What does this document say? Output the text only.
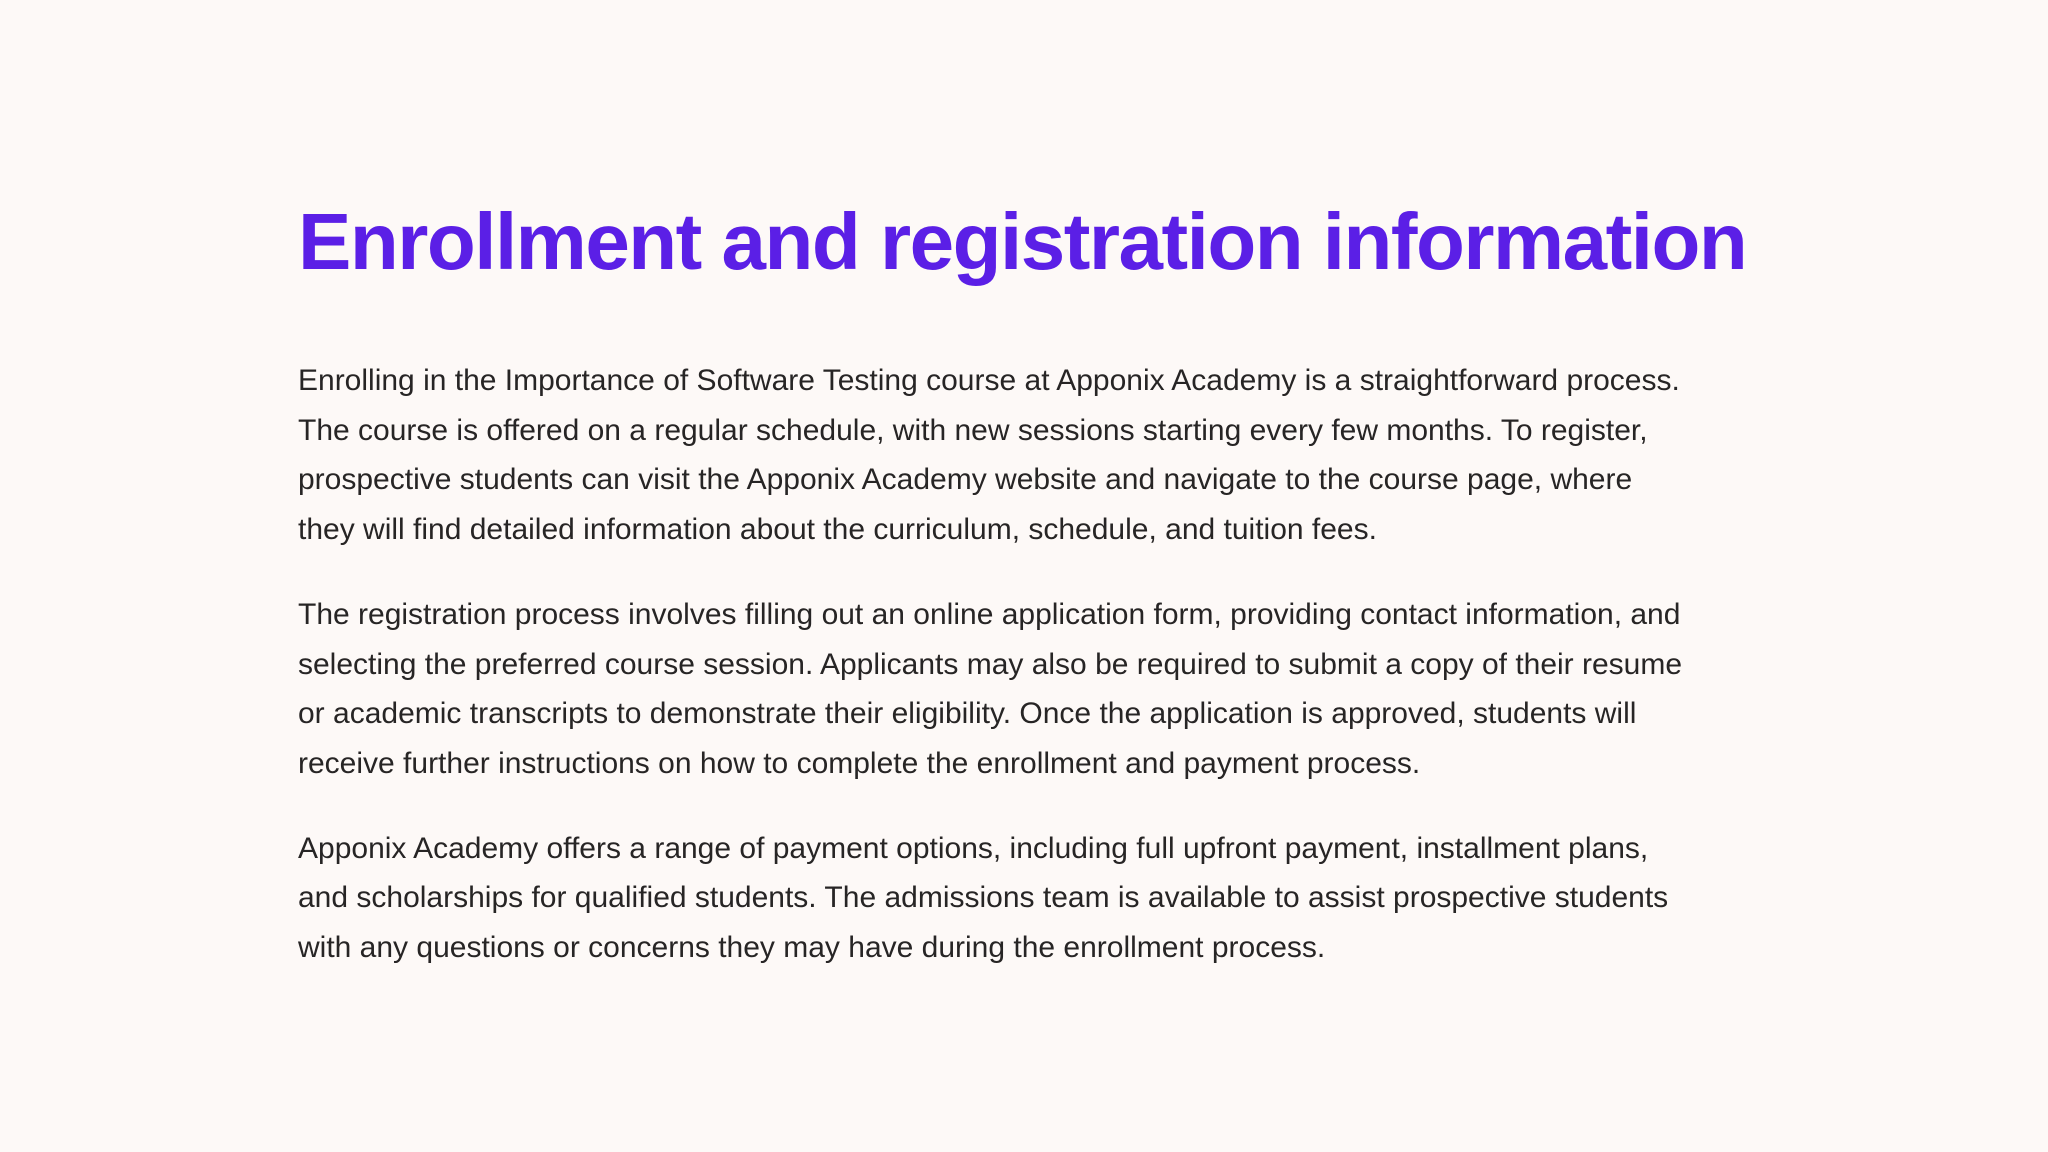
Enrollment and registration information

Enrolling in the Importance of Software Testing course at Apponix Academy is a straightforward process.
The course is offered on a regular schedule, with new sessions starting every few months. To register,
prospective students can visit the Apponix Academy website and navigate to the course page, where
they will find detailed information about the curriculum, schedule, and tuition fees.

The registration process involves filling out an online application form, providing contact information, and
selecting the preferred course session. Applicants may also be required to submit a copy of their resume
or academic transcripts to demonstrate their eligibility. Once the application is approved, students will
receive further instructions on how to complete the enrollment and payment process.

Apponix Academy offers a range of payment options, including full upfront payment, installment plans,
and scholarships for qualified students. The admissions team is available to assist prospective students
with any questions or concerns they may have during the enrollment process.
